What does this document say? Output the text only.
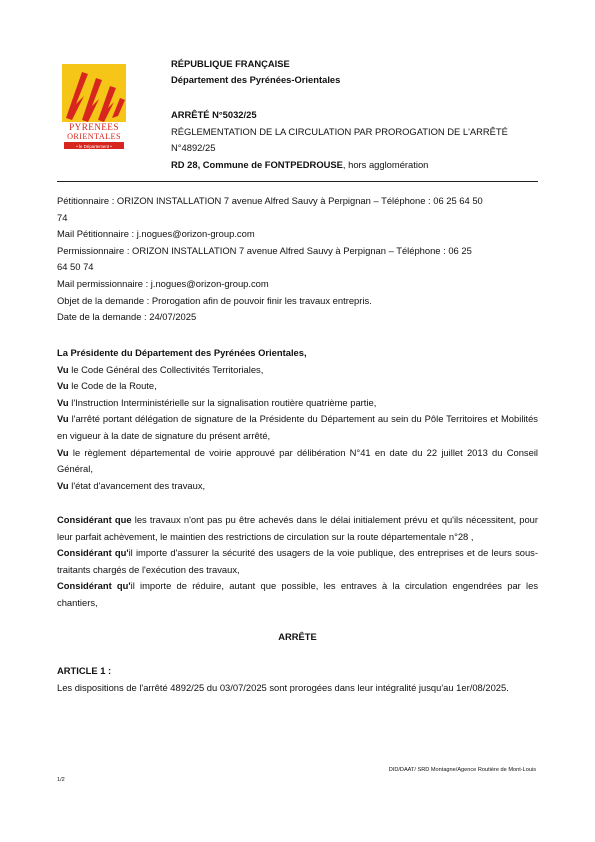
PYRENEES
ORIENTALES
• le Département •
RÉPUBLIQUE FRANÇAISE
Département des Pyrénées-Orientales
ARRÊTÉ N°5032/25
RÉGLEMENTATION DE LA CIRCULATION PAR PROROGATION DE L'ARRÊTÉ
N°4892/25
RD 28, Commune de FONTPEDROUSE, hors agglomération
Pétitionnaire : ORIZON INSTALLATION 7 avenue Alfred Sauvy à Perpignan – Téléphone : 06 25 64 50
74
Mail Pétitionnaire : j.nogues@orizon-group.com
Permissionnaire : ORIZON INSTALLATION 7 avenue Alfred Sauvy à Perpignan – Téléphone : 06 25
64 50 74
Mail permissionnaire : j.nogues@orizon-group.com
Objet de la demande : Prorogation afin de pouvoir finir les travaux entrepris.
Date de la demande : 24/07/2025
La Présidente du Département des Pyrénées Orientales,
Vu le Code Général des Collectivités Territoriales,
Vu le Code de la Route,
Vu l'Instruction Interministérielle sur la signalisation routière quatrième partie,
Vu l'arrêté portant délégation de signature de la Présidente du Département au sein du Pôle Territoires et Mobilités en vigueur à la date de signature du présent arrêté,
Vu le règlement départemental de voirie approuvé par délibération N°41 en date du 22 juillet 2013 du Conseil Général,
Vu l'état d'avancement des travaux,
Considérant que les travaux n'ont pas pu être achevés dans le délai initialement prévu et qu'ils nécessitent, pour leur parfait achèvement, le maintien des restrictions de circulation sur la route départementale n°28 ,
Considérant qu'il importe d'assurer la sécurité des usagers de la voie publique, des entreprises et de leurs sous-traitants chargés de l'exécution des travaux,
Considérant qu'il importe de réduire, autant que possible, les entraves à la circulation engendrées par les chantiers,
ARRÊTE
ARTICLE 1 :
Les dispositions de l'arrêté 4892/25 du 03/07/2025 sont prorogées dans leur intégralité jusqu'au 1er/08/2025.
DID/DAAT/ SRD Montagne/Agence Routière de Mont-Louis
1/2
